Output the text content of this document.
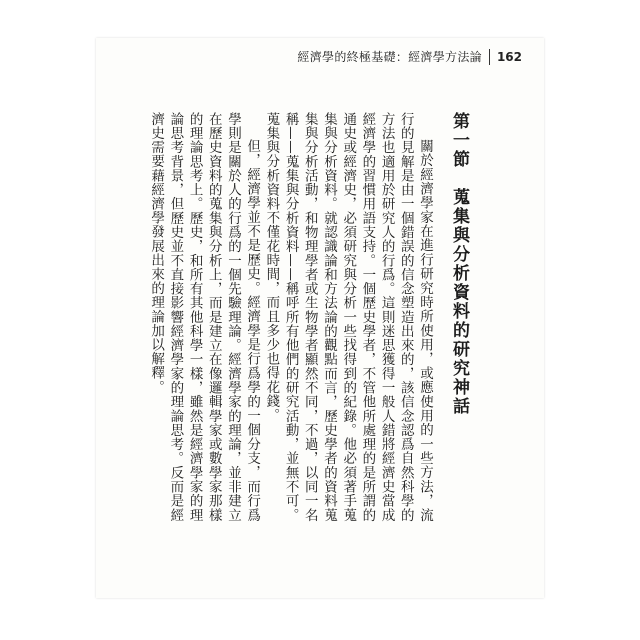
經濟學的終極基礎：經濟學方法論 162
第一節　蒐集與分析資料的研究神話

關於經濟學家在進行研究時所使用，或應使用的一些方法，流行的見解是由一個錯誤的信念塑造出來的，該信念認爲自然科學的方法也適用於研究人的行爲。這則迷思獲得一般人錯將經濟史當成經濟學的習慣用語支持。一個歷史學者，不管他所處理的是所謂的通史或經濟史，必須研究與分析一些找得到的紀錄。他必須著手蒐集與分析資料。就認識論和方法論的觀點而言，歷史學者的資料蒐集與分析活動，和物理學者或生物學者顯然不同，不過，以同一名稱——蒐集與分析資料——稱呼所有他們的研究活動，並無不可。蒐集與分析資料不僅花時間，而且多少也得花錢。

但，經濟學並不是歷史。經濟學是行爲學的一個分支，而行爲學則是關於人的行爲的一個先驗理論。經濟學家的理論，並非建立在歷史資料的蒐集與分析上，而是建立在像邏輯學家或數學家那樣的理論思考上。歷史，和所有其他科學一樣，雖然是經濟學家的理論思考背景，但歷史並不直接影響經濟學家的理論思考。反而是經濟史需要藉經濟學發展出來的理論加以解釋。
